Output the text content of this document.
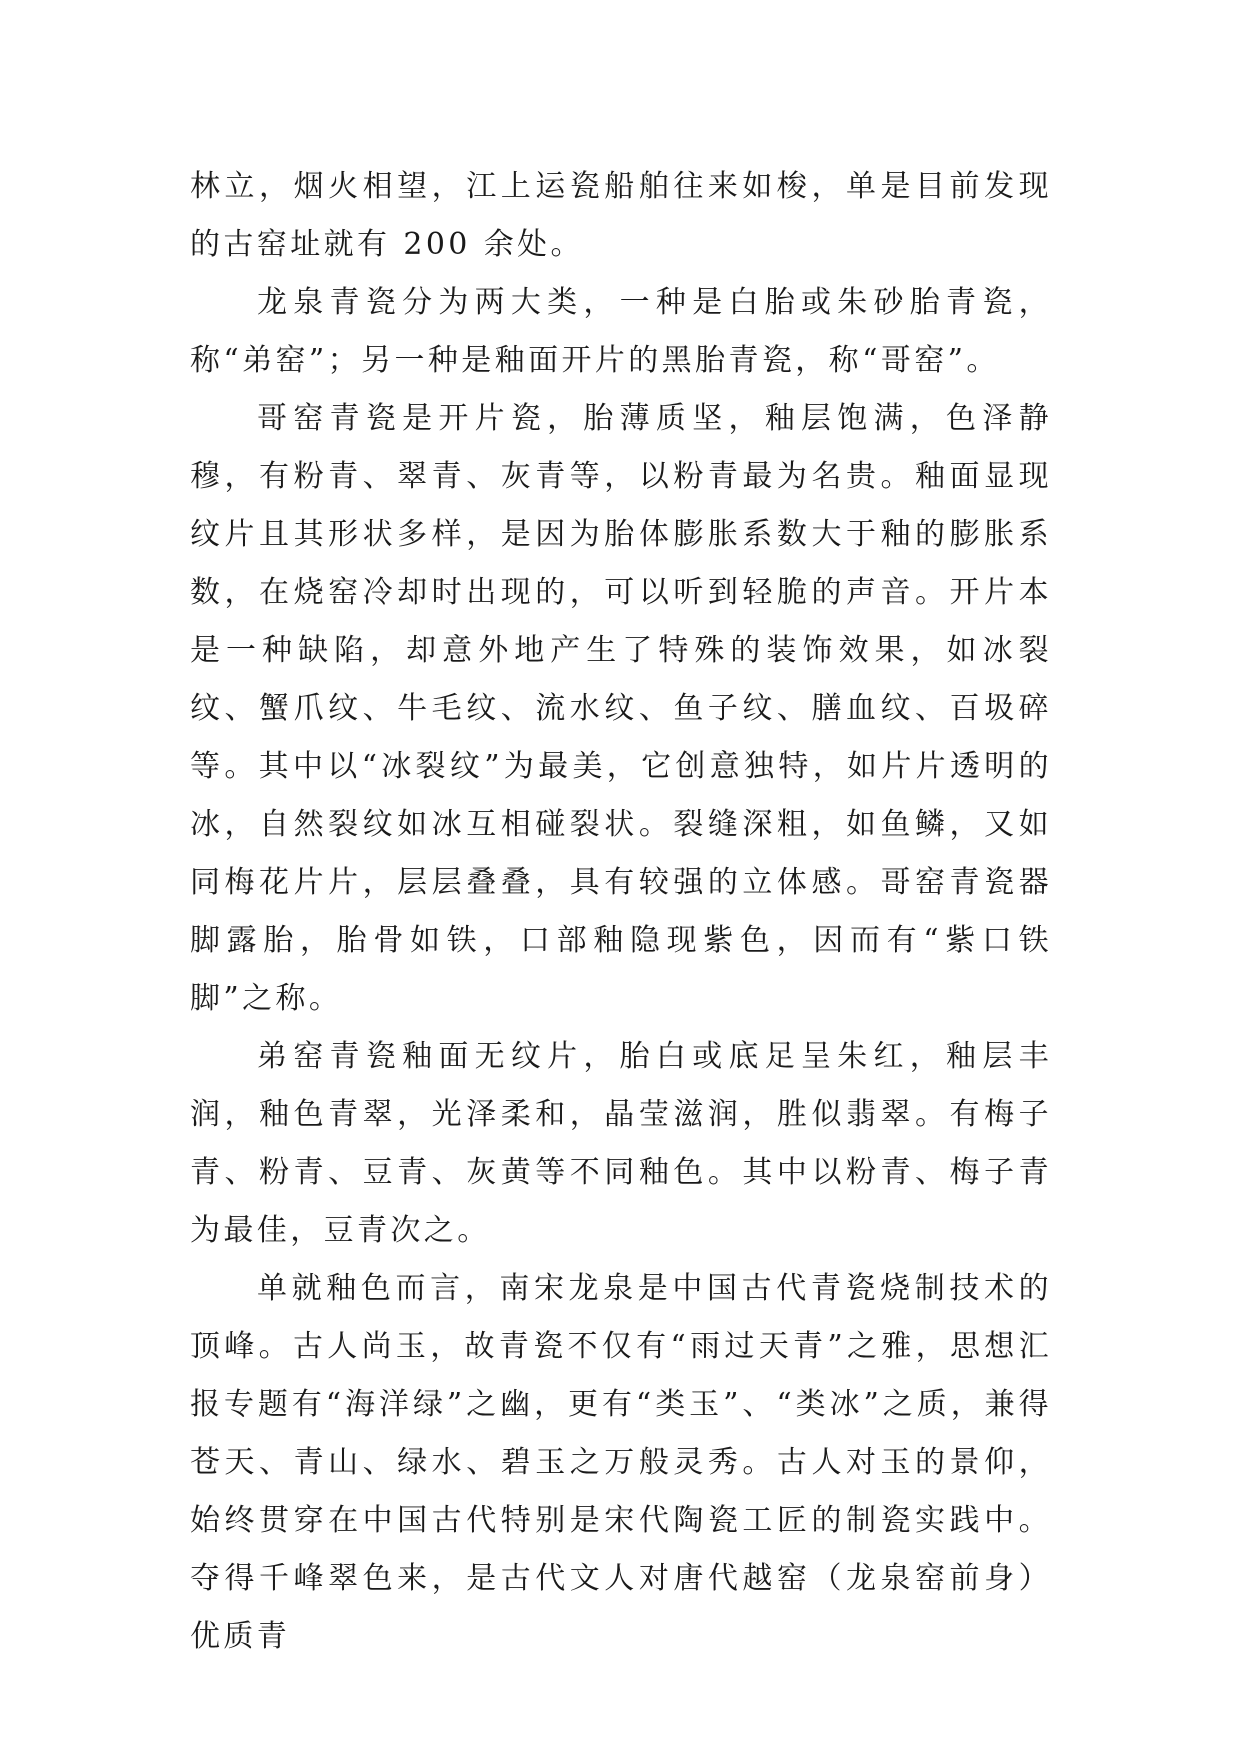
林立，烟火相望，江上运瓷船舶往来如梭，单是目前发现的古窑址就有 200 余处。

龙泉青瓷分为两大类，一种是白胎或朱砂胎青瓷，称“弟窑”；另一种是釉面开片的黑胎青瓷，称“哥窑”。

哥窑青瓷是开片瓷，胎薄质坚，釉层饱满，色泽静穆，有粉青、翠青、灰青等，以粉青最为名贵。釉面显现纹片且其形状多样，是因为胎体膨胀系数大于釉的膨胀系数，在烧窑冷却时出现的，可以听到轻脆的声音。开片本是一种缺陷，却意外地产生了特殊的装饰效果，如冰裂纹、蟹爪纹、牛毛纹、流水纹、鱼子纹、膳血纹、百圾碎等。其中以“冰裂纹”为最美，它创意独特，如片片透明的冰，自然裂纹如冰互相碰裂状。裂缝深粗，如鱼鳞，又如同梅花片片，层层叠叠，具有较强的立体感。哥窑青瓷器脚露胎，胎骨如铁，口部釉隐现紫色，因而有“紫口铁脚”之称。

弟窑青瓷釉面无纹片，胎白或底足呈朱红，釉层丰润，釉色青翠，光泽柔和，晶莹滋润，胜似翡翠。有梅子青、粉青、豆青、灰黄等不同釉色。其中以粉青、梅子青为最佳，豆青次之。

单就釉色而言，南宋龙泉是中国古代青瓷烧制技术的顶峰。古人尚玉，故青瓷不仅有“雨过天青”之雅，思想汇报专题有“海洋绿”之幽，更有“类玉”、“类冰”之质，兼得苍天、青山、绿水、碧玉之万般灵秀。古人对玉的景仰，始终贯穿在中国古代特别是宋代陶瓷工匠的制瓷实践中。夺得千峰翠色来，是古代文人对唐代越窑（龙泉窑前身）优质青
